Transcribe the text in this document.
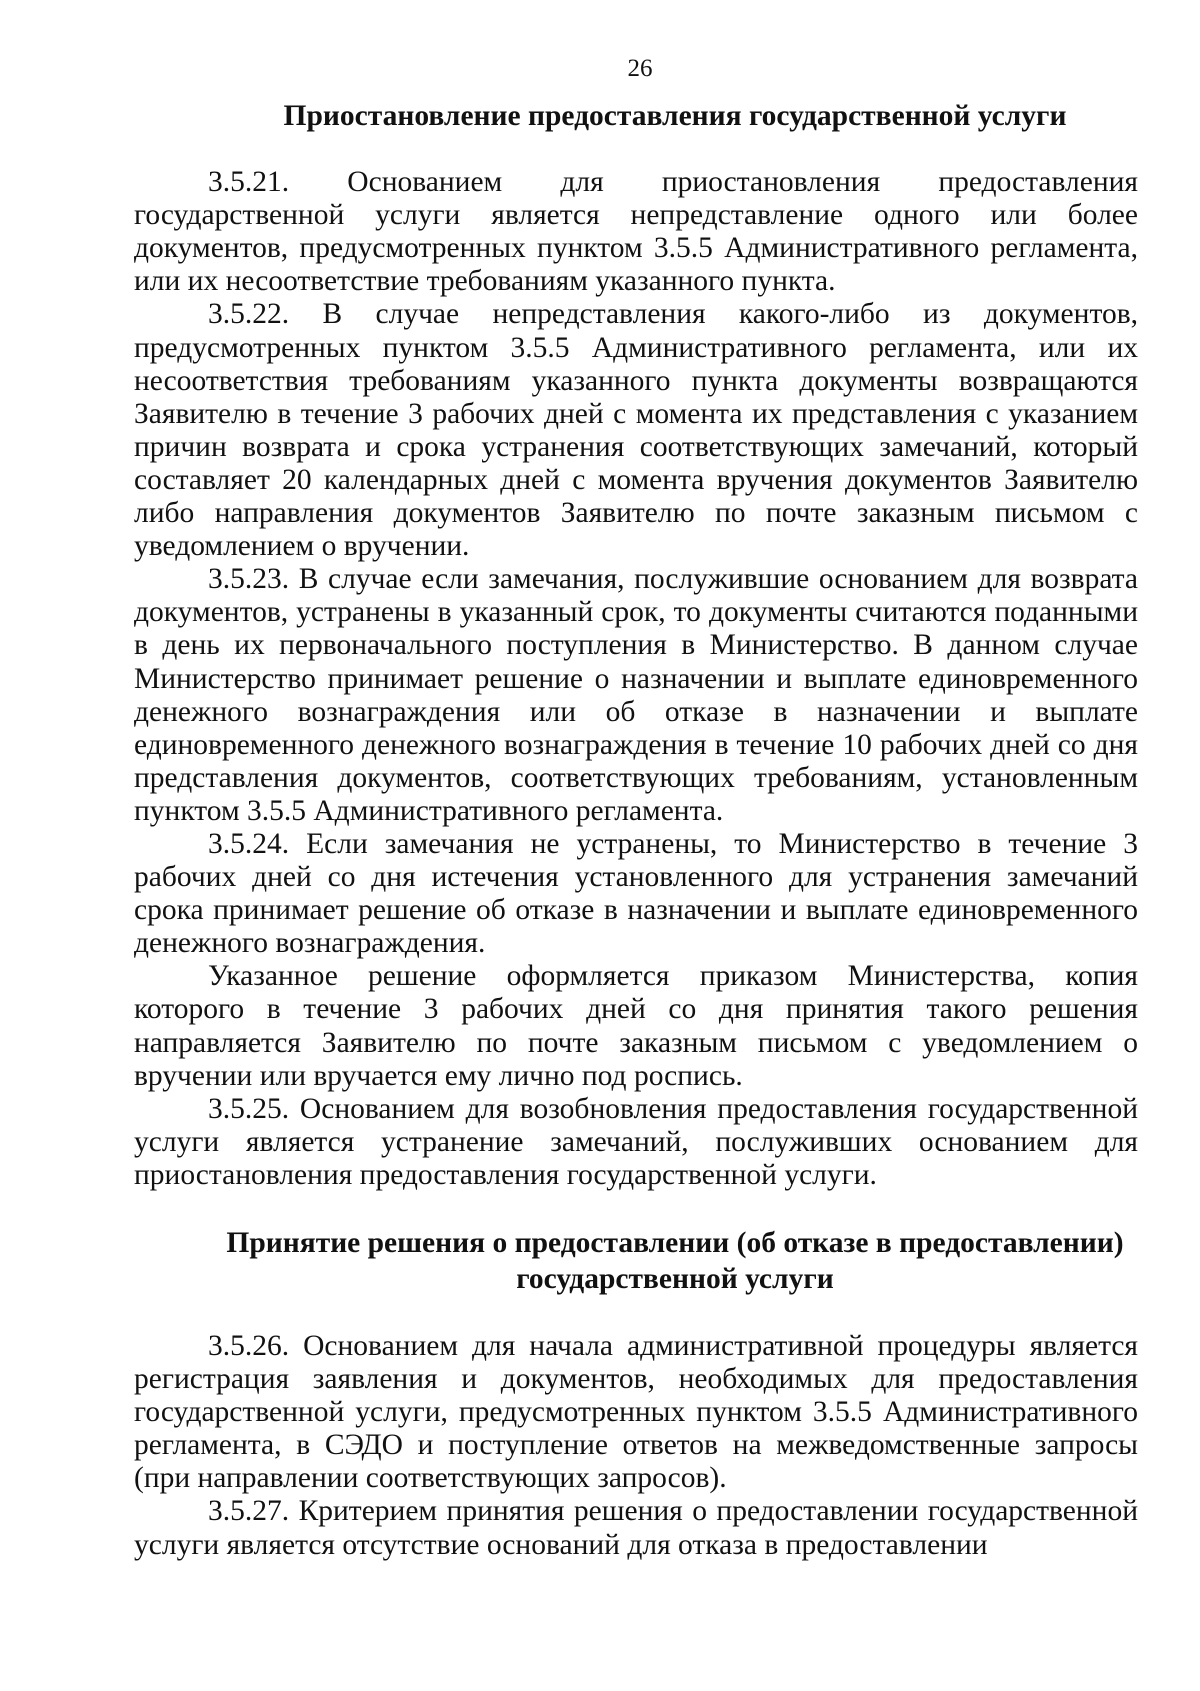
26

Приостановление предоставления государственной услуги

3.5.21. Основанием для приостановления предоставления государственной услуги является непредставление одного или более документов, предусмотренных пунктом 3.5.5 Административного регламента, или их несоответствие требованиям указанного пункта.

3.5.22. В случае непредставления какого-либо из документов, предусмотренных пунктом 3.5.5 Административного регламента, или их несоответствия требованиям указанного пункта документы возвращаются Заявителю в течение 3 рабочих дней с момента их представления с указанием причин возврата и срока устранения соответствующих замечаний, который составляет 20 календарных дней с момента вручения документов Заявителю либо направления документов Заявителю по почте заказным письмом с уведомлением о вручении.

3.5.23. В случае если замечания, послужившие основанием для возврата документов, устранены в указанный срок, то документы считаются поданными в день их первоначального поступления в Министерство. В данном случае Министерство принимает решение о назначении и выплате единовременного денежного вознаграждения или об отказе в назначении и выплате единовременного денежного вознаграждения в течение 10 рабочих дней со дня представления документов, соответствующих требованиям, установленным пунктом 3.5.5 Административного регламента.

3.5.24. Если замечания не устранены, то Министерство в течение 3 рабочих дней со дня истечения установленного для устранения замечаний срока принимает решение об отказе в назначении и выплате единовременного денежного вознаграждения.

Указанное решение оформляется приказом Министерства, копия которого в течение 3 рабочих дней со дня принятия такого решения направляется Заявителю по почте заказным письмом с уведомлением о вручении или вручается ему лично под роспись.

3.5.25. Основанием для возобновления предоставления государственной услуги является устранение замечаний, послуживших основанием для приостановления предоставления государственной услуги.

Принятие решения о предоставлении (об отказе в предоставлении)
государственной услуги

3.5.26. Основанием для начала административной процедуры является регистрация заявления и документов, необходимых для предоставления государственной услуги, предусмотренных пунктом 3.5.5 Административного регламента, в СЭДО и поступление ответов на межведомственные запросы (при направлении соответствующих запросов).

3.5.27. Критерием принятия решения о предоставлении государственной услуги является отсутствие оснований для отказа в предоставлении
